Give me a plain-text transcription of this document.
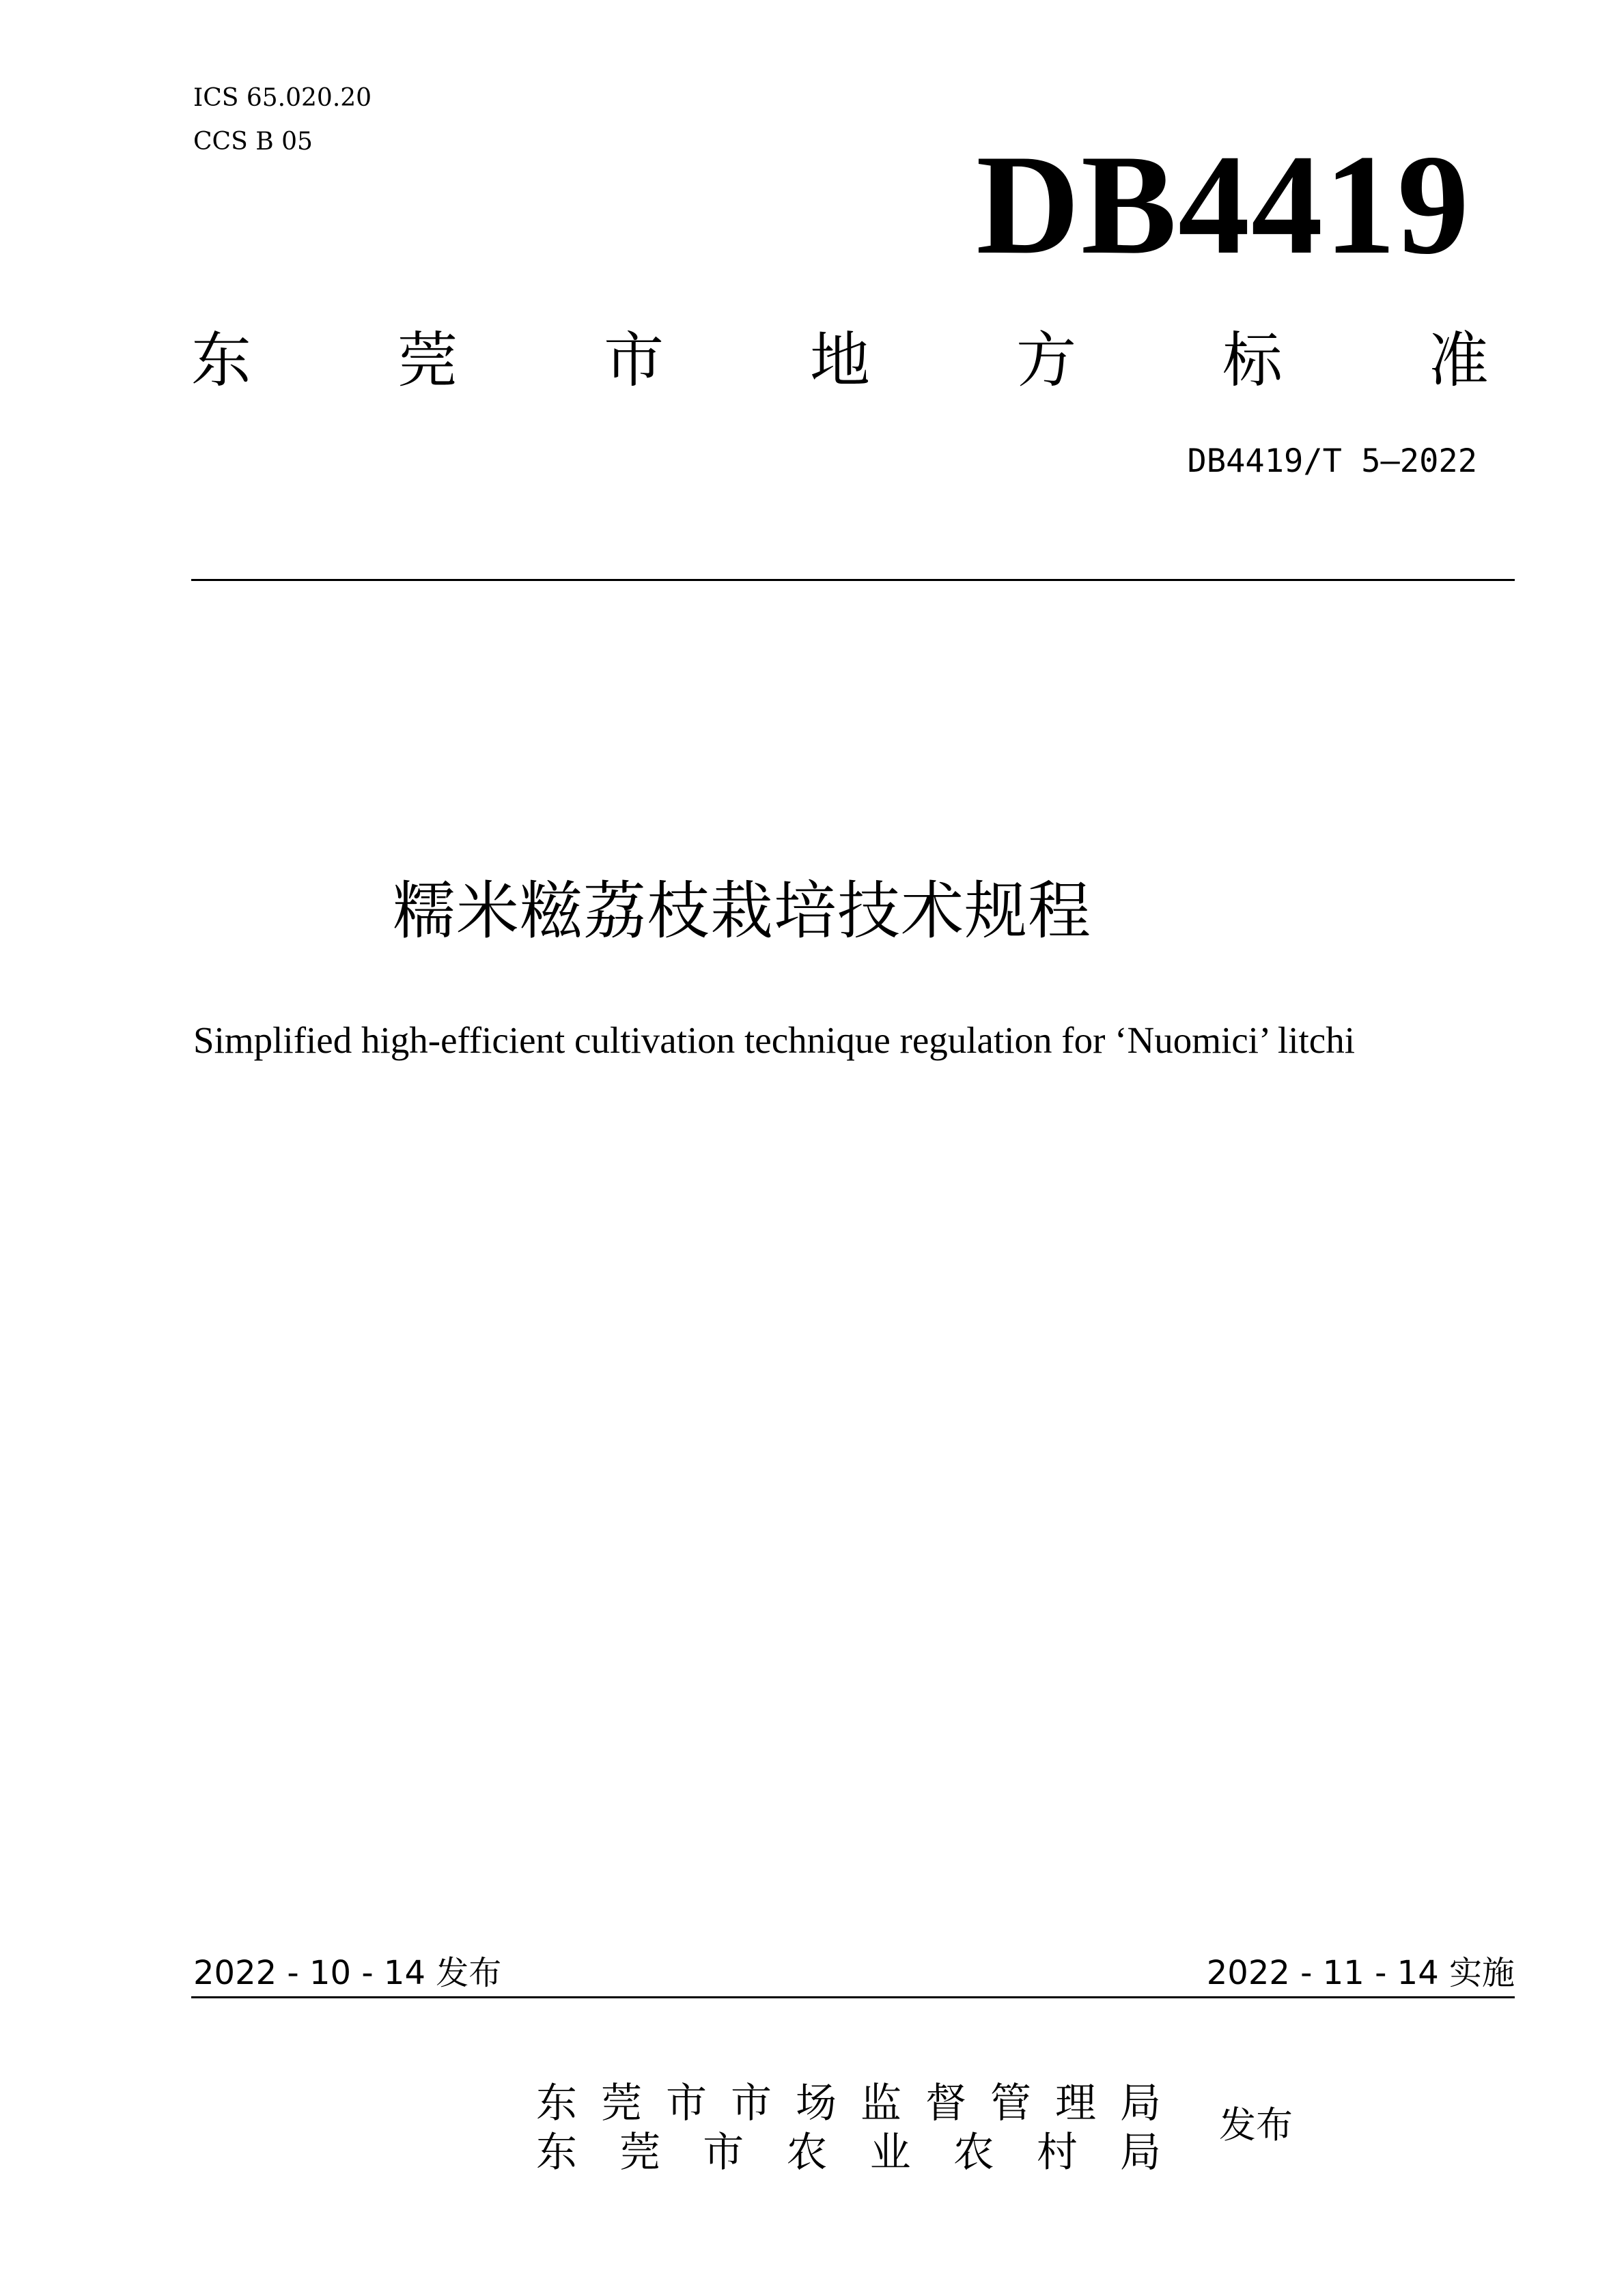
ICS 65.020.20
CCS B 05	DB4419
东 莞 市 地 方 标 准
DB4419/T 5—2022
糯米糍荔枝栽培技术规程
Simplified high-efficient cultivation technique regulation for ‘Nuomici’ litchi
2022 - 10 - 14 发布	2022 - 11 - 14 实施
东 莞 市 市 场 监 督 管 理 局
东 莞 市 农 业 农 村 局
发布
